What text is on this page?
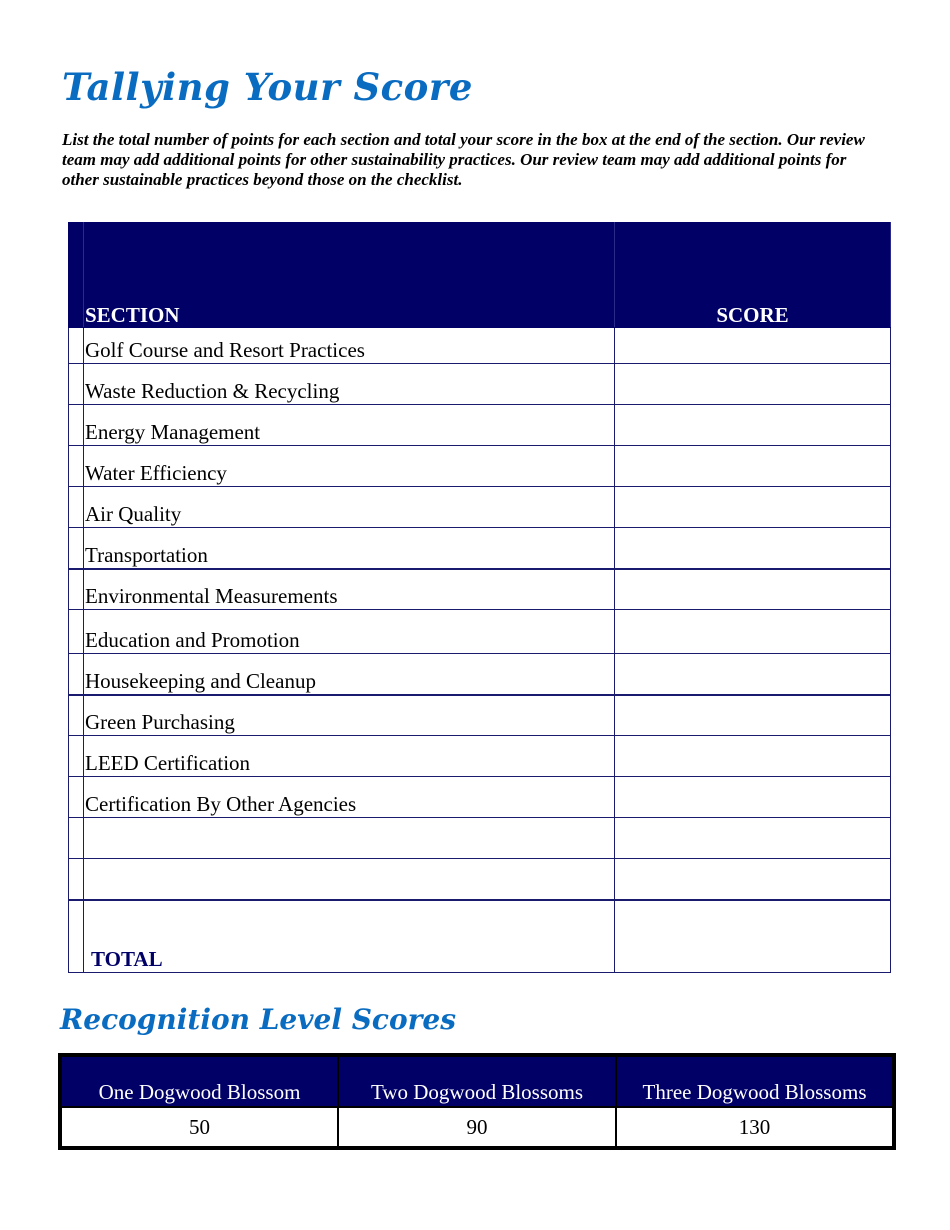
Tallying Your Score

List the total number of points for each section and total your score in the box at the end of the section. Our review team may add additional points for other sustainability practices. Our review team may add additional points for other sustainable practices beyond those on the checklist.

	SECTION	SCORE
	Golf Course and Resort Practices	
	Waste Reduction & Recycling	
	Energy Management	
	Water Efficiency	
	Air Quality	
	Transportation	
	Environmental Measurements	
	Education and Promotion	
	Housekeeping and Cleanup	
	Green Purchasing	
	LEED Certification	
	Certification By Other Agencies	

	TOTAL	
Recognition Level Scores
One Dogwood Blossom	Two Dogwood Blossoms	Three Dogwood Blossoms
50	90	130
